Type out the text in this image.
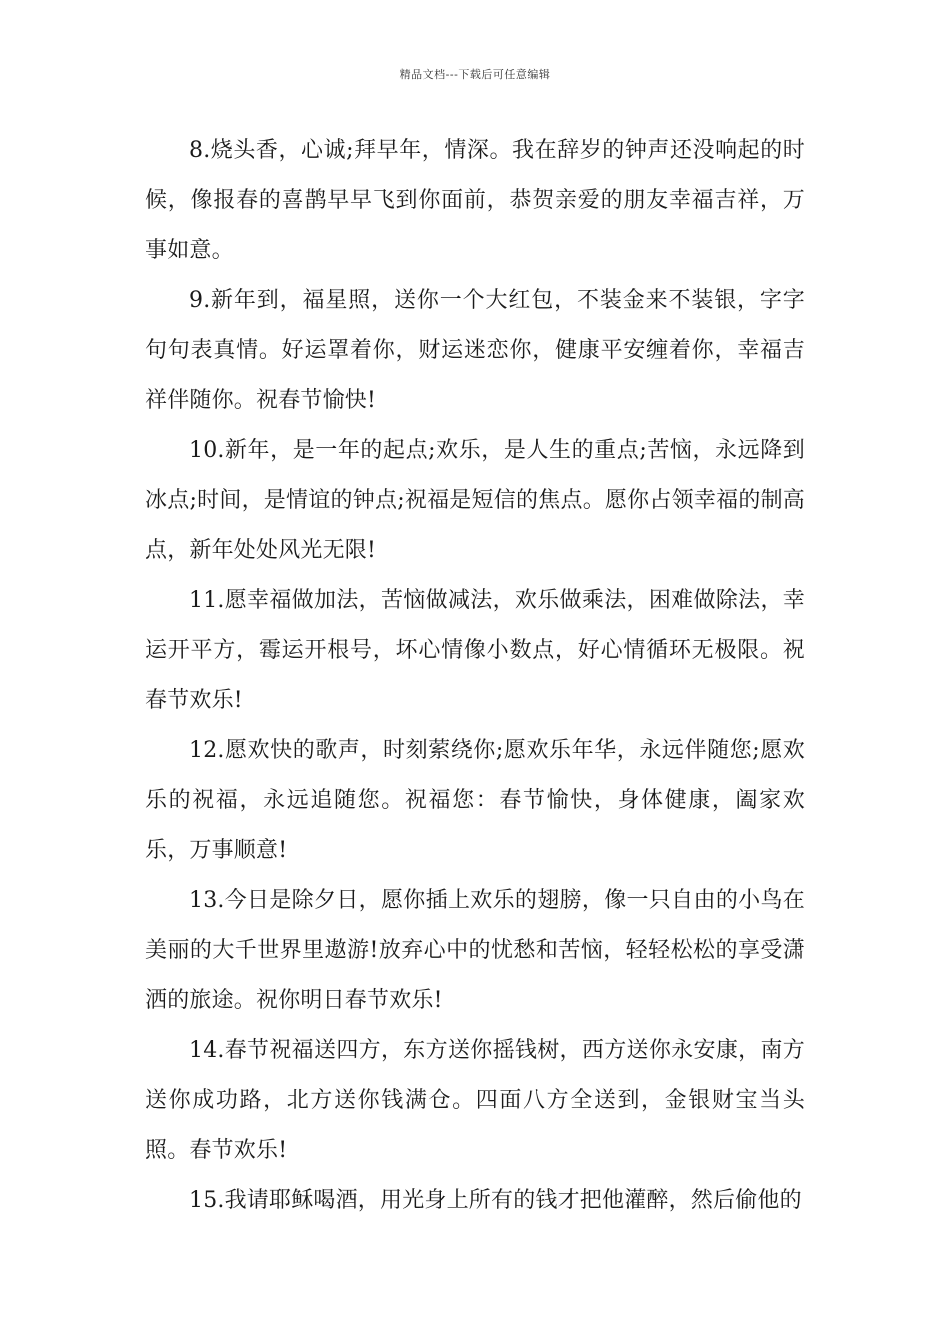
精品文档---下载后可任意编辑

8.烧头香，心诚;拜早年，情深。我在辞岁的钟声还没响起的时候，像报春的喜鹊早早飞到你面前，恭贺亲爱的朋友幸福吉祥，万事如意。

9.新年到，福星照，送你一个大红包，不装金来不装银，字字句句表真情。好运罩着你，财运迷恋你，健康平安缠着你，幸福吉祥伴随你。祝春节愉快!

10.新年，是一年的起点;欢乐，是人生的重点;苦恼，永远降到冰点;时间，是情谊的钟点;祝福是短信的焦点。愿你占领幸福的制高点，新年处处风光无限!

11.愿幸福做加法，苦恼做减法，欢乐做乘法，困难做除法，幸运开平方，霉运开根号，坏心情像小数点，好心情循环无极限。祝春节欢乐!

12.愿欢快的歌声，时刻萦绕你;愿欢乐年华，永远伴随您;愿欢乐的祝福，永远追随您。祝福您：春节愉快，身体健康，阖家欢乐，万事顺意!

13.今日是除夕日，愿你插上欢乐的翅膀，像一只自由的小鸟在美丽的大千世界里遨游!放弃心中的忧愁和苦恼，轻轻松松的享受潇洒的旅途。祝你明日春节欢乐!

14.春节祝福送四方，东方送你摇钱树，西方送你永安康，南方送你成功路，北方送你钱满仓。四面八方全送到，金银财宝当头照。春节欢乐!

15.我请耶稣喝酒，用光身上所有的钱才把他灌醉，然后偷他的
